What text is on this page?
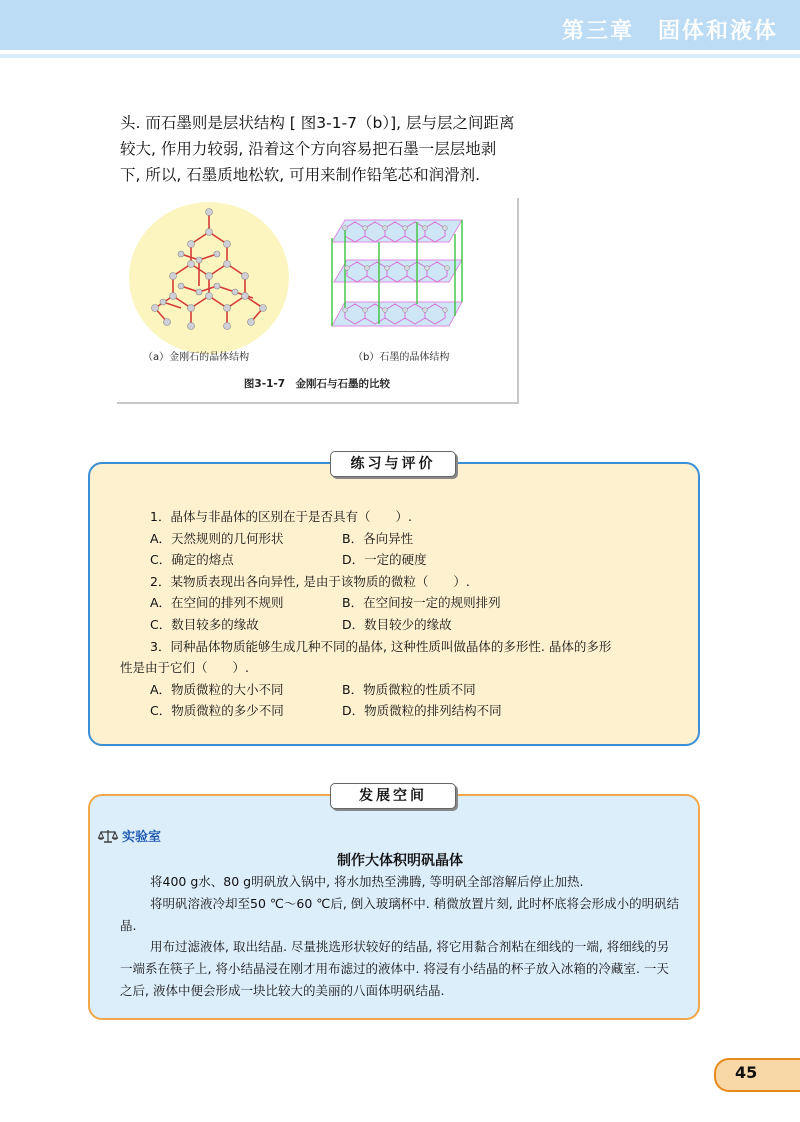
第三章　固体和液体

头. 而石墨则是层状结构 [ 图3-1-7（b）], 层与层之间距离

较大, 作用力较弱, 沿着这个方向容易把石墨一层层地剥

下, 所以, 石墨质地松软, 可用来制作铅笔芯和润滑剂.

（a）金刚石的晶体结构	（b）石墨的晶体结构
图3-1-7　金刚石与石墨的比较
练习与评价
1．晶体与非晶体的区别在于是否具有（　　）.
A．天然规则的几何形状	B．各向异性
C．确定的熔点	D．一定的硬度
2．某物质表现出各向异性, 是由于该物质的微粒（　　）.
A．在空间的排列不规则	B．在空间按一定的规则排列
C．数目较多的缘故	D．数目较少的缘故
3．同种晶体物质能够生成几种不同的晶体, 这种性质叫做晶体的多形性. 晶体的多形
性是由于它们（　　）.
A．物质微粒的大小不同	B．物质微粒的性质不同
C．物质微粒的多少不同	D．物质微粒的排列结构不同
发展空间
实验室
制作大体积明矾晶体

将400 g水、80 g明矾放入锅中, 将水加热至沸腾, 等明矾全部溶解后停止加热.

将明矾溶液冷却至50 ℃～60 ℃后, 倒入玻璃杯中. 稍微放置片刻, 此时杯底将会形成小的明矾结晶.

用布过滤液体, 取出结晶. 尽量挑选形状较好的结晶, 将它用黏合剂粘在细线的一端, 将细线的另一端系在筷子上, 将小结晶浸在刚才用布滤过的液体中. 将浸有小结晶的杯子放入冰箱的冷藏室. 一天之后, 液体中便会形成一块比较大的美丽的八面体明矾结晶.

45
